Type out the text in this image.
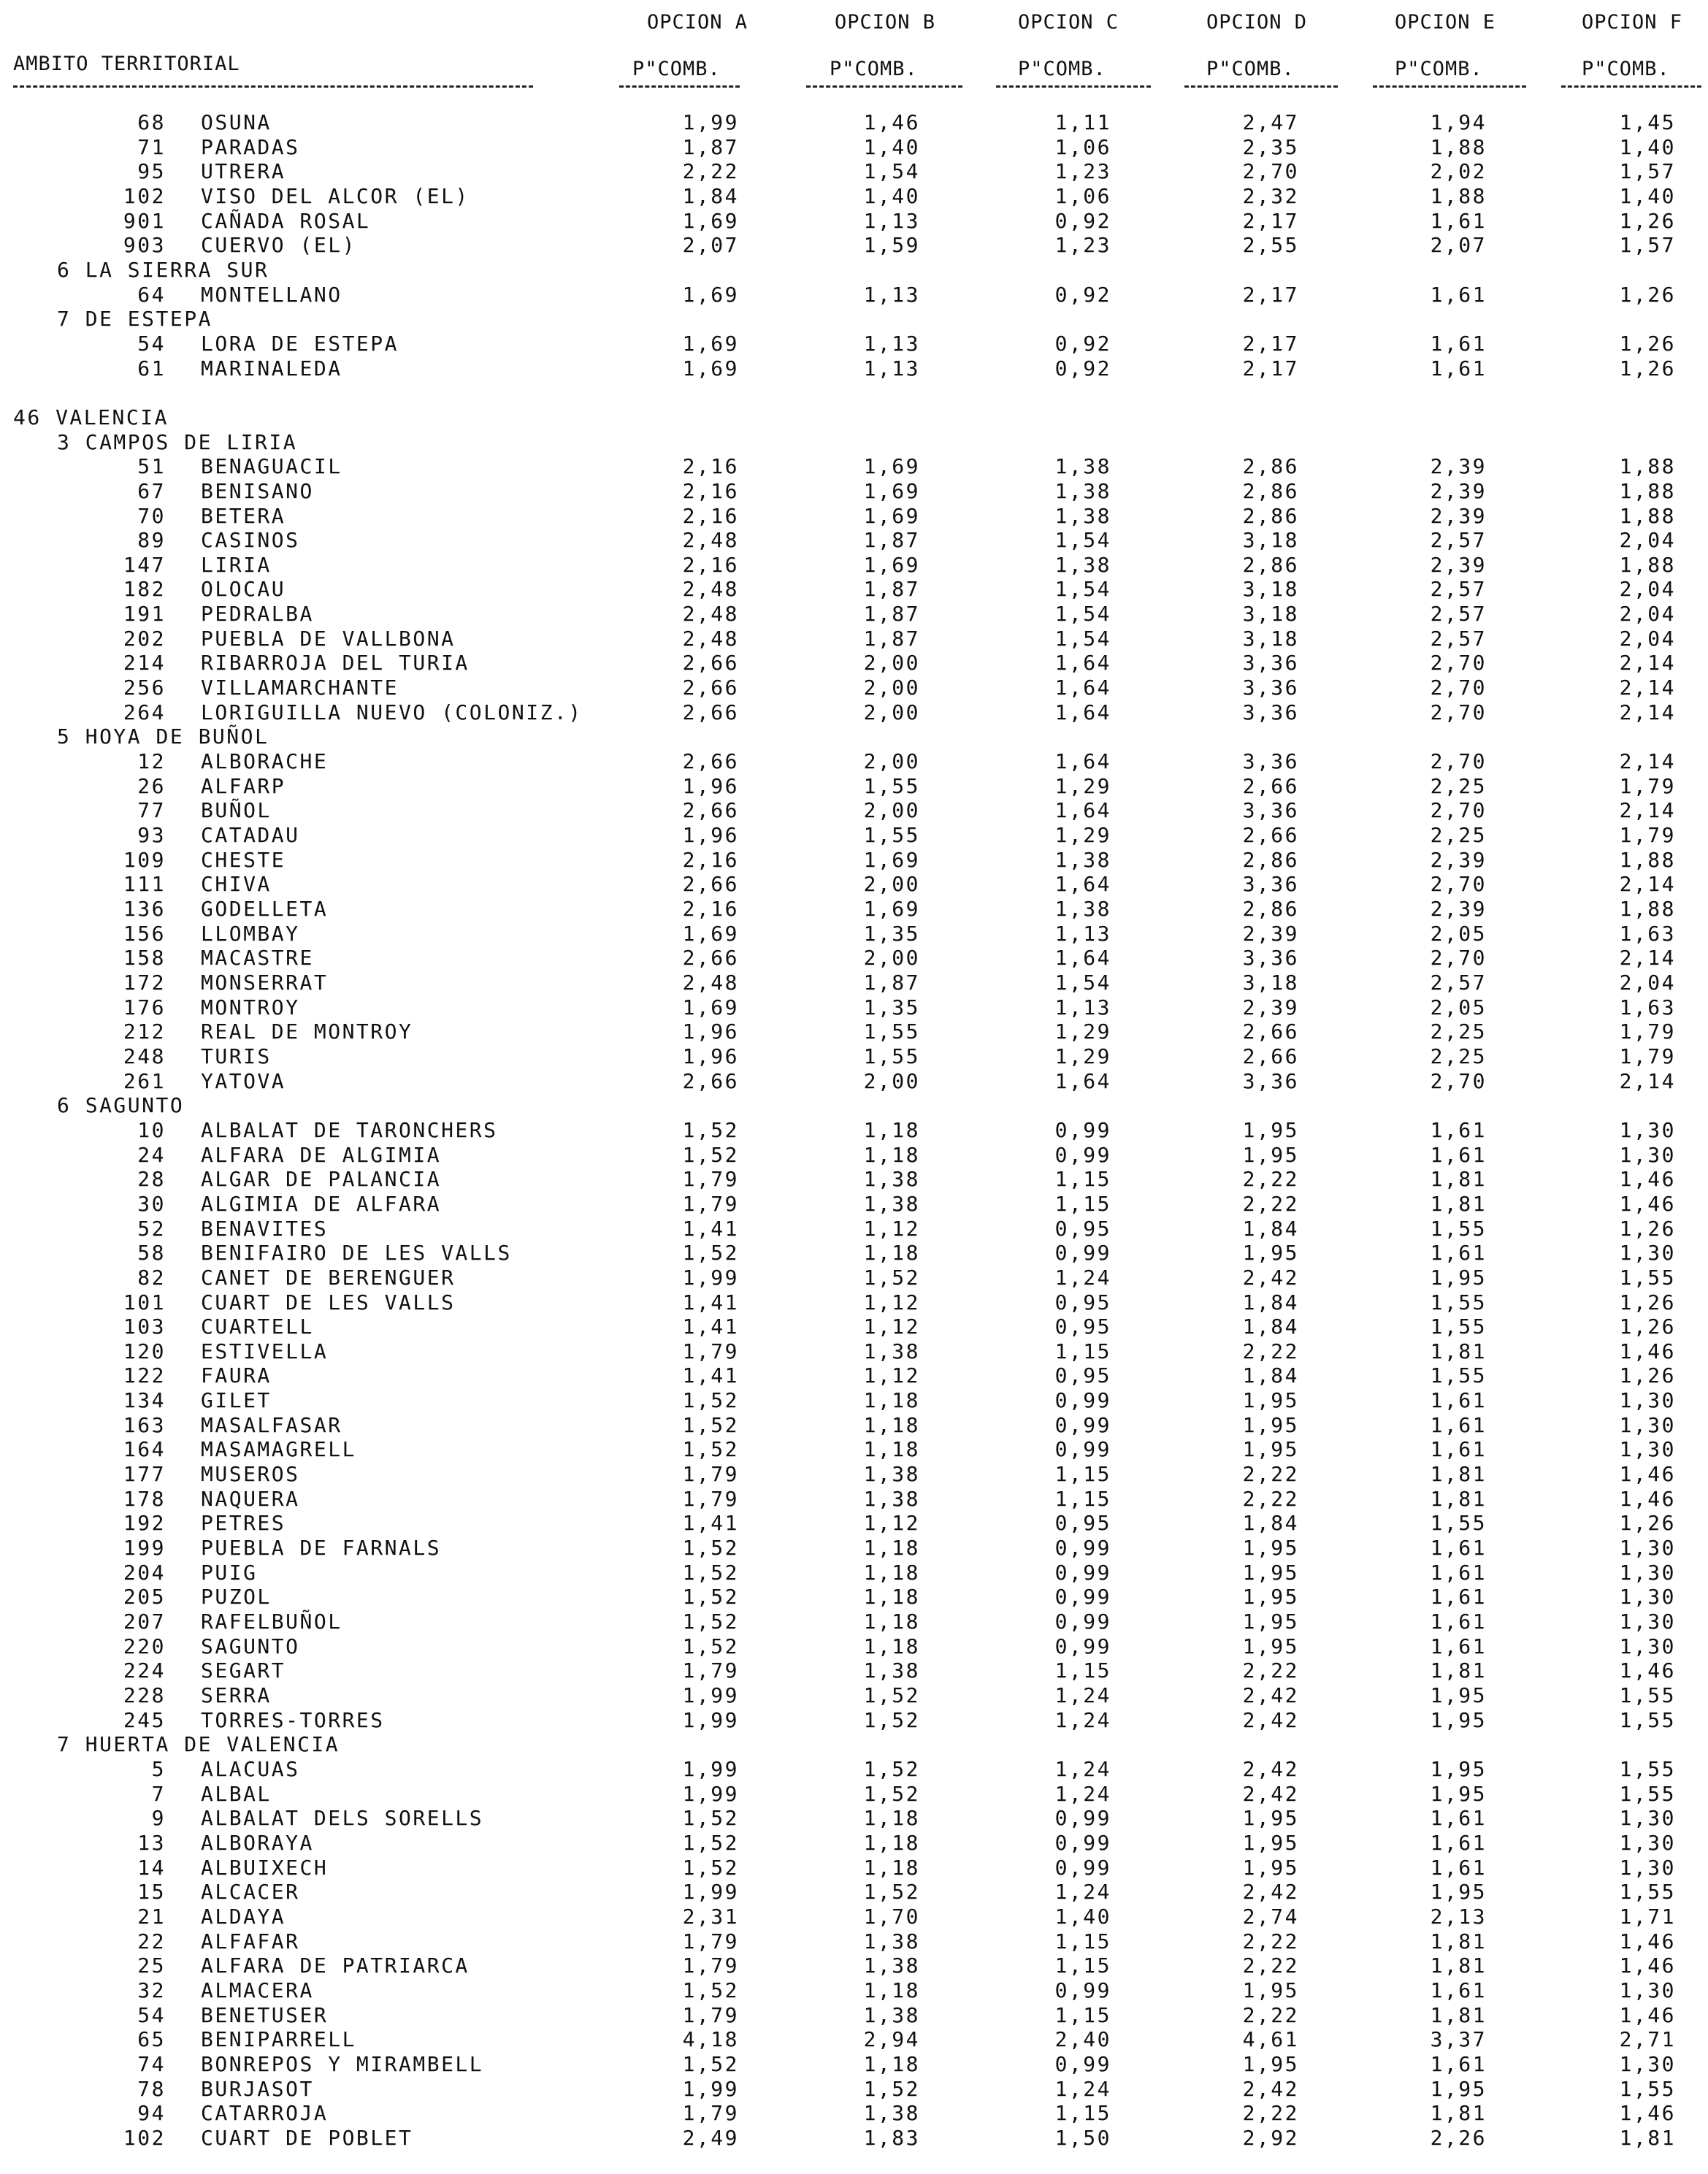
AMBITO TERRITORIAL
OPCION A	OPCION B	OPCION C	OPCION D	OPCION E	OPCION F
P"COMB.	P"COMB.	P"COMB.	P"COMB.	P"COMB.	P"COMB.
68 OSUNA	1,99	1,46	1,11	2,47	1,94	1,45
71 PARADAS	1,87	1,40	1,06	2,35	1,88	1,40
95 UTRERA	2,22	1,54	1,23	2,70	2,02	1,57
102 VISO DEL ALCOR (EL)	1,84	1,40	1,06	2,32	1,88	1,40
901 CAÑADA ROSAL	1,69	1,13	0,92	2,17	1,61	1,26
903 CUERVO (EL)	2,07	1,59	1,23	2,55	2,07	1,57
6 LA SIERRA SUR
64 MONTELLANO	1,69	1,13	0,92	2,17	1,61	1,26
7 DE ESTEPA
54 LORA DE ESTEPA	1,69	1,13	0,92	2,17	1,61	1,26
61 MARINALEDA	1,69	1,13	0,92	2,17	1,61	1,26
46 VALENCIA
3 CAMPOS DE LIRIA
51 BENAGUACIL	2,16	1,69	1,38	2,86	2,39	1,88
67 BENISANO	2,16	1,69	1,38	2,86	2,39	1,88
70 BETERA	2,16	1,69	1,38	2,86	2,39	1,88
89 CASINOS	2,48	1,87	1,54	3,18	2,57	2,04
147 LIRIA	2,16	1,69	1,38	2,86	2,39	1,88
182 OLOCAU	2,48	1,87	1,54	3,18	2,57	2,04
191 PEDRALBA	2,48	1,87	1,54	3,18	2,57	2,04
202 PUEBLA DE VALLBONA	2,48	1,87	1,54	3,18	2,57	2,04
214 RIBARROJA DEL TURIA	2,66	2,00	1,64	3,36	2,70	2,14
256 VILLAMARCHANTE	2,66	2,00	1,64	3,36	2,70	2,14
264 LORIGUILLA NUEVO (COLONIZ.)	2,66	2,00	1,64	3,36	2,70	2,14
5 HOYA DE BUÑOL
12 ALBORACHE	2,66	2,00	1,64	3,36	2,70	2,14
26 ALFARP	1,96	1,55	1,29	2,66	2,25	1,79
77 BUÑOL	2,66	2,00	1,64	3,36	2,70	2,14
93 CATADAU	1,96	1,55	1,29	2,66	2,25	1,79
109 CHESTE	2,16	1,69	1,38	2,86	2,39	1,88
111 CHIVA	2,66	2,00	1,64	3,36	2,70	2,14
136 GODELLETA	2,16	1,69	1,38	2,86	2,39	1,88
156 LLOMBAY	1,69	1,35	1,13	2,39	2,05	1,63
158 MACASTRE	2,66	2,00	1,64	3,36	2,70	2,14
172 MONSERRAT	2,48	1,87	1,54	3,18	2,57	2,04
176 MONTROY	1,69	1,35	1,13	2,39	2,05	1,63
212 REAL DE MONTROY	1,96	1,55	1,29	2,66	2,25	1,79
248 TURIS	1,96	1,55	1,29	2,66	2,25	1,79
261 YATOVA	2,66	2,00	1,64	3,36	2,70	2,14
6 SAGUNTO
10 ALBALAT DE TARONCHERS	1,52	1,18	0,99	1,95	1,61	1,30
24 ALFARA DE ALGIMIA	1,52	1,18	0,99	1,95	1,61	1,30
28 ALGAR DE PALANCIA	1,79	1,38	1,15	2,22	1,81	1,46
30 ALGIMIA DE ALFARA	1,79	1,38	1,15	2,22	1,81	1,46
52 BENAVITES	1,41	1,12	0,95	1,84	1,55	1,26
58 BENIFAIRO DE LES VALLS	1,52	1,18	0,99	1,95	1,61	1,30
82 CANET DE BERENGUER	1,99	1,52	1,24	2,42	1,95	1,55
101 CUART DE LES VALLS	1,41	1,12	0,95	1,84	1,55	1,26
103 CUARTELL	1,41	1,12	0,95	1,84	1,55	1,26
120 ESTIVELLA	1,79	1,38	1,15	2,22	1,81	1,46
122 FAURA	1,41	1,12	0,95	1,84	1,55	1,26
134 GILET	1,52	1,18	0,99	1,95	1,61	1,30
163 MASALFASAR	1,52	1,18	0,99	1,95	1,61	1,30
164 MASAMAGRELL	1,52	1,18	0,99	1,95	1,61	1,30
177 MUSEROS	1,79	1,38	1,15	2,22	1,81	1,46
178 NAQUERA	1,79	1,38	1,15	2,22	1,81	1,46
192 PETRES	1,41	1,12	0,95	1,84	1,55	1,26
199 PUEBLA DE FARNALS	1,52	1,18	0,99	1,95	1,61	1,30
204 PUIG	1,52	1,18	0,99	1,95	1,61	1,30
205 PUZOL	1,52	1,18	0,99	1,95	1,61	1,30
207 RAFELBUÑOL	1,52	1,18	0,99	1,95	1,61	1,30
220 SAGUNTO	1,52	1,18	0,99	1,95	1,61	1,30
224 SEGART	1,79	1,38	1,15	2,22	1,81	1,46
228 SERRA	1,99	1,52	1,24	2,42	1,95	1,55
245 TORRES-TORRES	1,99	1,52	1,24	2,42	1,95	1,55
7 HUERTA DE VALENCIA
5 ALACUAS	1,99	1,52	1,24	2,42	1,95	1,55
7 ALBAL	1,99	1,52	1,24	2,42	1,95	1,55
9 ALBALAT DELS SORELLS	1,52	1,18	0,99	1,95	1,61	1,30
13 ALBORAYA	1,52	1,18	0,99	1,95	1,61	1,30
14 ALBUIXECH	1,52	1,18	0,99	1,95	1,61	1,30
15 ALCACER	1,99	1,52	1,24	2,42	1,95	1,55
21 ALDAYA	2,31	1,70	1,40	2,74	2,13	1,71
22 ALFAFAR	1,79	1,38	1,15	2,22	1,81	1,46
25 ALFARA DE PATRIARCA	1,79	1,38	1,15	2,22	1,81	1,46
32 ALMACERA	1,52	1,18	0,99	1,95	1,61	1,30
54 BENETUSER	1,79	1,38	1,15	2,22	1,81	1,46
65 BENIPARRELL	4,18	2,94	2,40	4,61	3,37	2,71
74 BONREPOS Y MIRAMBELL	1,52	1,18	0,99	1,95	1,61	1,30
78 BURJASOT	1,99	1,52	1,24	2,42	1,95	1,55
94 CATARROJA	1,79	1,38	1,15	2,22	1,81	1,46
102 CUART DE POBLET	2,49	1,83	1,50	2,92	2,26	1,81
